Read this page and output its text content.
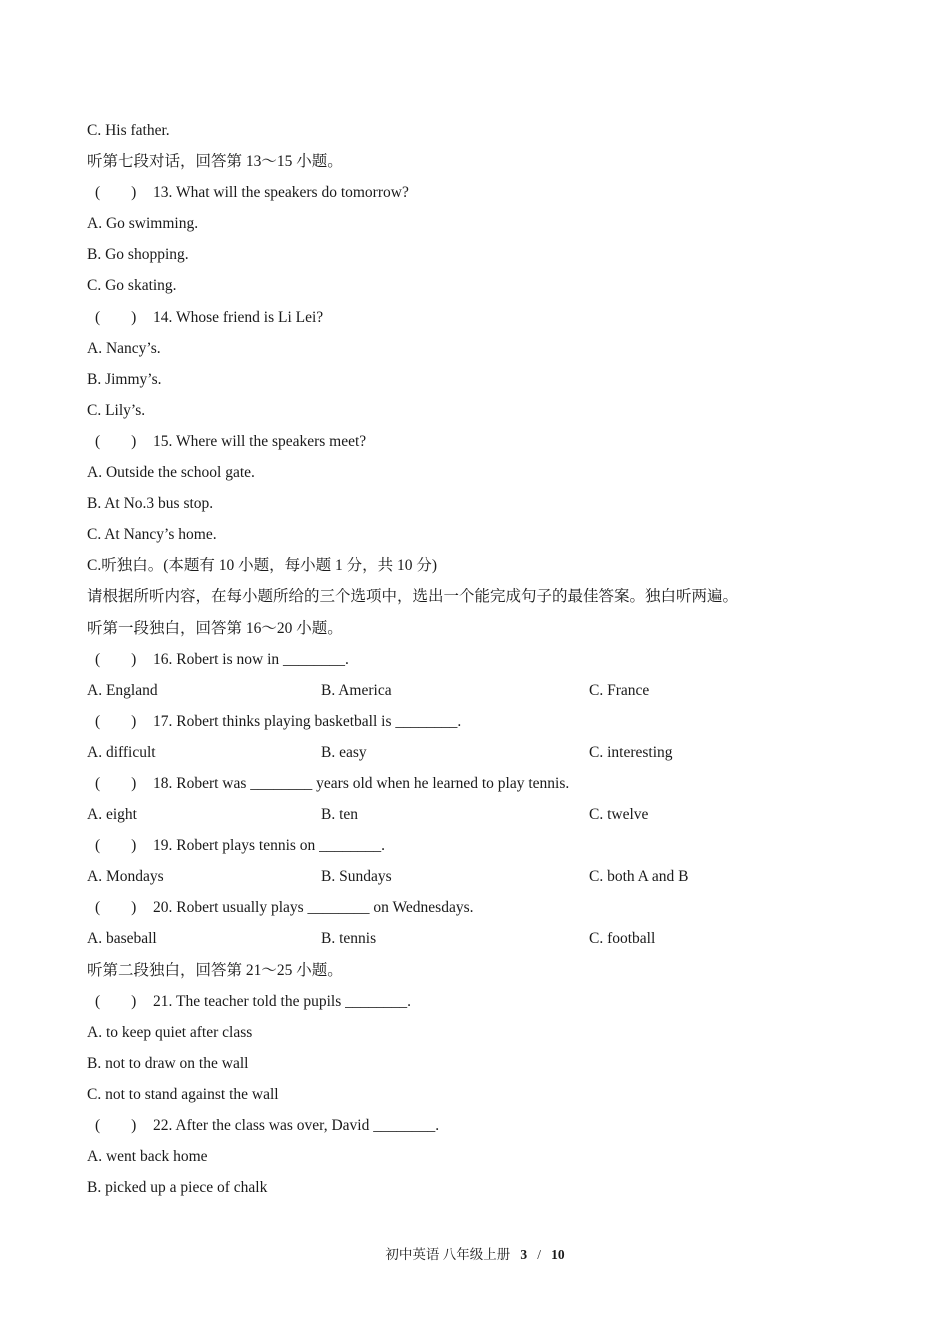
C. His father.
听第七段对话，回答第 13～15 小题。
(　　) 13. What will the speakers do tomorrow?
A. Go swimming.
B. Go shopping.
C. Go skating.
(　　) 14. Whose friend is Li Lei?
A. Nancy’s.
B. Jimmy’s.
C. Lily’s.
(　　) 15. Where will the speakers meet?
A. Outside the school gate.
B. At No.3 bus stop.
C. At Nancy’s home.
C.听独白。(本题有 10 小题，每小题 1 分，共 10 分)
请根据所听内容，在每小题所给的三个选项中，选出一个能完成句子的最佳答案。独白听两遍。
听第一段独白，回答第 16～20 小题。
(　　) 16. Robert is now in ________.
A. England	B. America	C. France
(　　) 17. Robert thinks playing basketball is ________.
A. difficult	B. easy	C. interesting
(　　) 18. Robert was ________ years old when he learned to play tennis.
A. eight	B. ten	C. twelve
(　　) 19. Robert plays tennis on ________.
A. Mondays	B. Sundays	C. both A and B
(　　) 20. Robert usually plays ________ on Wednesdays.
A. baseball	B. tennis	C. football
听第二段独白，回答第 21～25 小题。
(　　) 21. The teacher told the pupils ________.
A. to keep quiet after class
B. not to draw on the wall
C. not to stand against the wall
(　　) 22. After the class was over, David ________.
A. went back home
B. picked up a piece of chalk
初中英语 八年级上册 3 / 10
